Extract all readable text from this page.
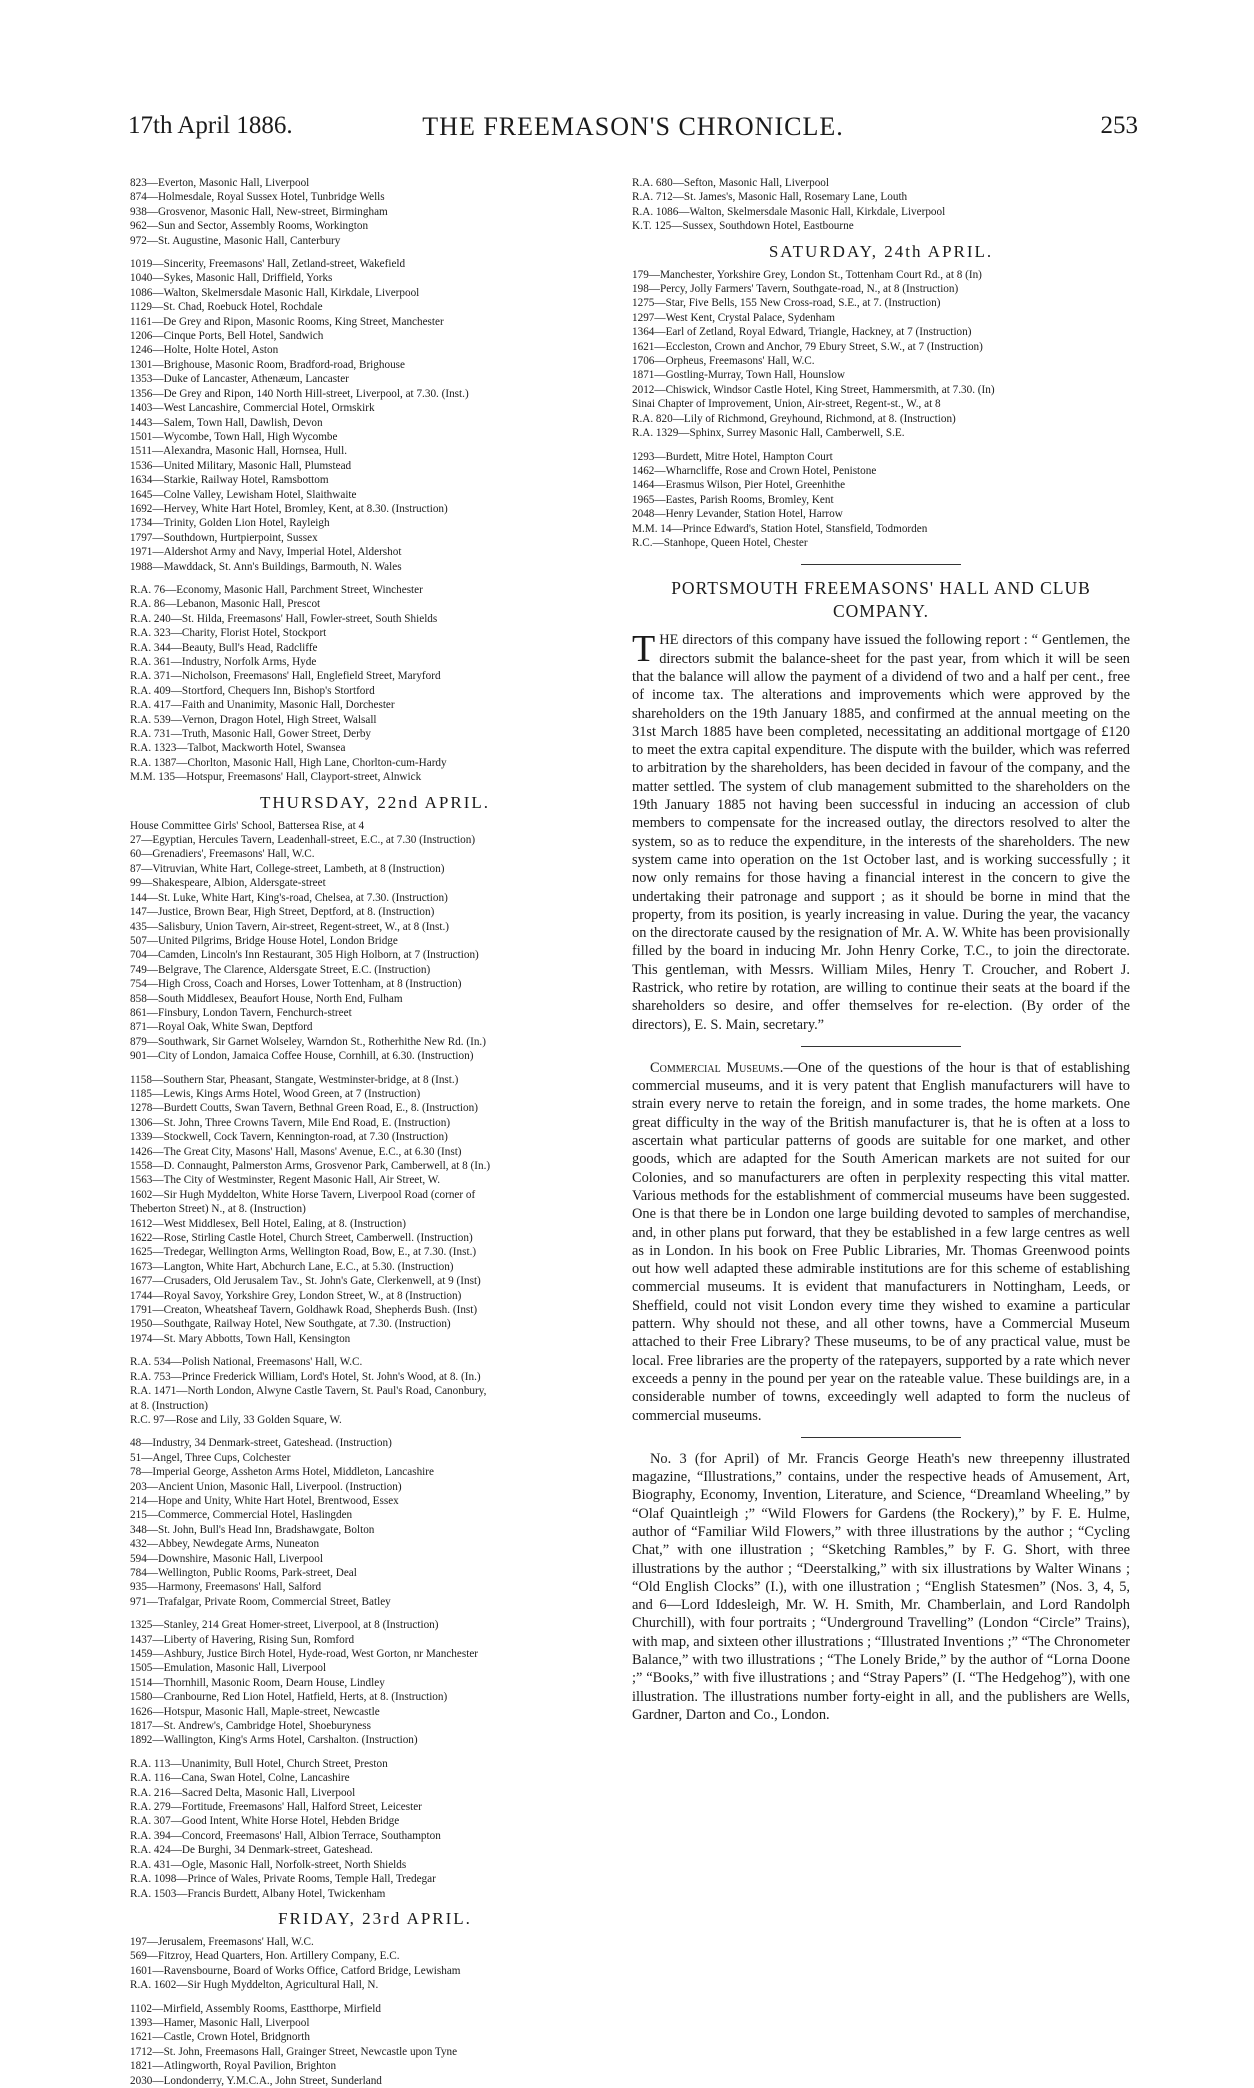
17th April 1886.	THE FREEMASON'S CHRONICLE.	253
823—Everton, Masonic Hall, Liverpool
874—Holmesdale, Royal Sussex Hotel, Tunbridge Wells
938—Grosvenor, Masonic Hall, New-street, Birmingham
962—Sun and Sector, Assembly Rooms, Workington
972—St. Augustine, Masonic Hall, Canterbury
1019—Sincerity, Freemasons' Hall, Zetland-street, Wakefield
1040—Sykes, Masonic Hall, Driffield, Yorks
1086—Walton, Skelmersdale Masonic Hall, Kirkdale, Liverpool
1129—St. Chad, Roebuck Hotel, Rochdale
1161—De Grey and Ripon, Masonic Rooms, King Street, Manchester
1206—Cinque Ports, Bell Hotel, Sandwich
1246—Holte, Holte Hotel, Aston
1301—Brighouse, Masonic Room, Bradford-road, Brighouse
1353—Duke of Lancaster, Athenæum, Lancaster
1356—De Grey and Ripon, 140 North Hill-street, Liverpool, at 7.30. (Inst.)
1403—West Lancashire, Commercial Hotel, Ormskirk
1443—Salem, Town Hall, Dawlish, Devon
1501—Wycombe, Town Hall, High Wycombe
1511—Alexandra, Masonic Hall, Hornsea, Hull.
1536—United Military, Masonic Hall, Plumstead
1634—Starkie, Railway Hotel, Ramsbottom
1645—Colne Valley, Lewisham Hotel, Slaithwaite
1692—Hervey, White Hart Hotel, Bromley, Kent, at 8.30. (Instruction)
1734—Trinity, Golden Lion Hotel, Rayleigh
1797—Southdown, Hurtpierpoint, Sussex
1971—Aldershot Army and Navy, Imperial Hotel, Aldershot
1988—Mawddack, St. Ann's Buildings, Barmouth, N. Wales
R.A. 76—Economy, Masonic Hall, Parchment Street, Winchester
R.A. 86—Lebanon, Masonic Hall, Prescot
R.A. 240—St. Hilda, Freemasons' Hall, Fowler-street, South Shields
R.A. 323—Charity, Florist Hotel, Stockport
R.A. 344—Beauty, Bull's Head, Radcliffe
R.A. 361—Industry, Norfolk Arms, Hyde
R.A. 371—Nicholson, Freemasons' Hall, Englefield Street, Maryford
R.A. 409—Stortford, Chequers Inn, Bishop's Stortford
R.A. 417—Faith and Unanimity, Masonic Hall, Dorchester
R.A. 539—Vernon, Dragon Hotel, High Street, Walsall
R.A. 731—Truth, Masonic Hall, Gower Street, Derby
R.A. 1323—Talbot, Mackworth Hotel, Swansea
R.A. 1387—Chorlton, Masonic Hall, High Lane, Chorlton-cum-Hardy
M.M. 135—Hotspur, Freemasons' Hall, Clayport-street, Alnwick
THURSDAY, 22nd APRIL.
House Committee Girls' School, Battersea Rise, at 4
27—Egyptian, Hercules Tavern, Leadenhall-street, E.C., at 7.30 (Instruction)
60—Grenadiers', Freemasons' Hall, W.C.
87—Vitruvian, White Hart, College-street, Lambeth, at 8 (Instruction)
99—Shakespeare, Albion, Aldersgate-street
144—St. Luke, White Hart, King's-road, Chelsea, at 7.30. (Instruction)
147—Justice, Brown Bear, High Street, Deptford, at 8. (Instruction)
435—Salisbury, Union Tavern, Air-street, Regent-street, W., at 8 (Inst.)
507—United Pilgrims, Bridge House Hotel, London Bridge
704—Camden, Lincoln's Inn Restaurant, 305 High Holborn, at 7 (Instruction)
749—Belgrave, The Clarence, Aldersgate Street, E.C. (Instruction)
754—High Cross, Coach and Horses, Lower Tottenham, at 8 (Instruction)
858—South Middlesex, Beaufort House, North End, Fulham
861—Finsbury, London Tavern, Fenchurch-street
871—Royal Oak, White Swan, Deptford
879—Southwark, Sir Garnet Wolseley, Warndon St., Rotherhithe New Rd. (In.)
901—City of London, Jamaica Coffee House, Cornhill, at 6.30. (Instruction)
1158—Southern Star, Pheasant, Stangate, Westminster-bridge, at 8 (Inst.)
1185—Lewis, Kings Arms Hotel, Wood Green, at 7 (Instruction)
1278—Burdett Coutts, Swan Tavern, Bethnal Green Road, E., 8. (Instruction)
1306—St. John, Three Crowns Tavern, Mile End Road, E. (Instruction)
1339—Stockwell, Cock Tavern, Kennington-road, at 7.30 (Instruction)
1426—The Great City, Masons' Hall, Masons' Avenue, E.C., at 6.30 (Inst)
1558—D. Connaught, Palmerston Arms, Grosvenor Park, Camberwell, at 8 (In.)
1563—The City of Westminster, Regent Masonic Hall, Air Street, W.
1602—Sir Hugh Myddelton, White Horse Tavern, Liverpool Road (corner of
Theberton Street) N., at 8. (Instruction)
1612—West Middlesex, Bell Hotel, Ealing, at 8. (Instruction)
1622—Rose, Stirling Castle Hotel, Church Street, Camberwell. (Instruction)
1625—Tredegar, Wellington Arms, Wellington Road, Bow, E., at 7.30. (Inst.)
1673—Langton, White Hart, Abchurch Lane, E.C., at 5.30. (Instruction)
1677—Crusaders, Old Jerusalem Tav., St. John's Gate, Clerkenwell, at 9 (Inst)
1744—Royal Savoy, Yorkshire Grey, London Street, W., at 8 (Instruction)
1791—Creaton, Wheatsheaf Tavern, Goldhawk Road, Shepherds Bush. (Inst)
1950—Southgate, Railway Hotel, New Southgate, at 7.30. (Instruction)
1974—St. Mary Abbotts, Town Hall, Kensington
R.A. 534—Polish National, Freemasons' Hall, W.C.
R.A. 753—Prince Frederick William, Lord's Hotel, St. John's Wood, at 8. (In.)
R.A. 1471—North London, Alwyne Castle Tavern, St. Paul's Road, Canonbury,
at 8. (Instruction)
R.C. 97—Rose and Lily, 33 Golden Square, W.
48—Industry, 34 Denmark-street, Gateshead. (Instruction)
51—Angel, Three Cups, Colchester
78—Imperial George, Assheton Arms Hotel, Middleton, Lancashire
203—Ancient Union, Masonic Hall, Liverpool. (Instruction)
214—Hope and Unity, White Hart Hotel, Brentwood, Essex
215—Commerce, Commercial Hotel, Haslingden
348—St. John, Bull's Head Inn, Bradshawgate, Bolton
432—Abbey, Newdegate Arms, Nuneaton
594—Downshire, Masonic Hall, Liverpool
784—Wellington, Public Rooms, Park-street, Deal
935—Harmony, Freemasons' Hall, Salford
971—Trafalgar, Private Room, Commercial Street, Batley
1325—Stanley, 214 Great Homer-street, Liverpool, at 8 (Instruction)
1437—Liberty of Havering, Rising Sun, Romford
1459—Ashbury, Justice Birch Hotel, Hyde-road, West Gorton, nr Manchester
1505—Emulation, Masonic Hall, Liverpool
1514—Thornhill, Masonic Room, Dearn House, Lindley
1580—Cranbourne, Red Lion Hotel, Hatfield, Herts, at 8. (Instruction)
1626—Hotspur, Masonic Hall, Maple-street, Newcastle
1817—St. Andrew's, Cambridge Hotel, Shoeburyness
1892—Wallington, King's Arms Hotel, Carshalton. (Instruction)
R.A. 113—Unanimity, Bull Hotel, Church Street, Preston
R.A. 116—Cana, Swan Hotel, Colne, Lancashire
R.A. 216—Sacred Delta, Masonic Hall, Liverpool
R.A. 279—Fortitude, Freemasons' Hall, Halford Street, Leicester
R.A. 307—Good Intent, White Horse Hotel, Hebden Bridge
R.A. 394—Concord, Freemasons' Hall, Albion Terrace, Southampton
R.A. 424—De Burghi, 34 Denmark-street, Gateshead.
R.A. 431—Ogle, Masonic Hall, Norfolk-street, North Shields
R.A. 1098—Prince of Wales, Private Rooms, Temple Hall, Tredegar
R.A. 1503—Francis Burdett, Albany Hotel, Twickenham
FRIDAY, 23rd APRIL.
197—Jerusalem, Freemasons' Hall, W.C.
569—Fitzroy, Head Quarters, Hon. Artillery Company, E.C.
1601—Ravensbourne, Board of Works Office, Catford Bridge, Lewisham
R.A. 1602—Sir Hugh Myddelton, Agricultural Hall, N.
1102—Mirfield, Assembly Rooms, Eastthorpe, Mirfield
1393—Hamer, Masonic Hall, Liverpool
1621—Castle, Crown Hotel, Bridgnorth
1712—St. John, Freemasons Hall, Grainger Street, Newcastle upon Tyne
1821—Atlingworth, Royal Pavilion, Brighton
2030—Londonderry, Y.M.C.A., John Street, Sunderland
R.A. 680—Sefton, Masonic Hall, Liverpool
R.A. 712—St. James's, Masonic Hall, Rosemary Lane, Louth
R.A. 1086—Walton, Skelmersdale Masonic Hall, Kirkdale, Liverpool
K.T. 125—Sussex, Southdown Hotel, Eastbourne
SATURDAY, 24th APRIL.
179—Manchester, Yorkshire Grey, London St., Tottenham Court Rd., at 8 (In)
198—Percy, Jolly Farmers' Tavern, Southgate-road, N., at 8 (Instruction)
1275—Star, Five Bells, 155 New Cross-road, S.E., at 7. (Instruction)
1297—West Kent, Crystal Palace, Sydenham
1364—Earl of Zetland, Royal Edward, Triangle, Hackney, at 7 (Instruction)
1621—Eccleston, Crown and Anchor, 79 Ebury Street, S.W., at 7 (Instruction)
1706—Orpheus, Freemasons' Hall, W.C.
1871—Gostling-Murray, Town Hall, Hounslow
2012—Chiswick, Windsor Castle Hotel, King Street, Hammersmith, at 7.30. (In)
Sinai Chapter of Improvement, Union, Air-street, Regent-st., W., at 8
R.A. 820—Lily of Richmond, Greyhound, Richmond, at 8. (Instruction)
R.A. 1329—Sphinx, Surrey Masonic Hall, Camberwell, S.E.
1293—Burdett, Mitre Hotel, Hampton Court
1462—Wharncliffe, Rose and Crown Hotel, Penistone
1464—Erasmus Wilson, Pier Hotel, Greenhithe
1965—Eastes, Parish Rooms, Bromley, Kent
2048—Henry Levander, Station Hotel, Harrow
M.M. 14—Prince Edward's, Station Hotel, Stansfield, Todmorden
R.C.—Stanhope, Queen Hotel, Chester
PORTSMOUTH FREEMASONS' HALL AND CLUB COMPANY.

THE directors of this company have issued the following report : “ Gentlemen, the directors submit the balance-sheet for the past year, from which it will be seen that the balance will allow the payment of a dividend of two and a half per cent., free of income tax. The alterations and improvements which were approved by the shareholders on the 19th January 1885, and confirmed at the annual meeting on the 31st March 1885 have been completed, necessitating an additional mortgage of £120 to meet the extra capital expenditure. The dispute with the builder, which was referred to arbitration by the shareholders, has been decided in favour of the company, and the matter settled. The system of club management submitted to the shareholders on the 19th January 1885 not having been successful in inducing an accession of club members to compensate for the increased outlay, the directors resolved to alter the system, so as to reduce the expenditure, in the interests of the shareholders. The new system came into operation on the 1st October last, and is working successfully ; it now only remains for those having a financial interest in the concern to give the undertaking their patronage and support ; as it should be borne in mind that the property, from its position, is yearly increasing in value. During the year, the vacancy on the directorate caused by the resignation of Mr. A. W. White has been provisionally filled by the board in inducing Mr. John Henry Corke, T.C., to join the directorate. This gentleman, with Messrs. William Miles, Henry T. Croucher, and Robert J. Rastrick, who retire by rotation, are willing to continue their seats at the board if the shareholders so desire, and offer themselves for re-election. (By order of the directors), E. S. Main, secretary.”

Commercial Museums.—One of the questions of the hour is that of establishing commercial museums, and it is very patent that English manufacturers will have to strain every nerve to retain the foreign, and in some trades, the home markets. One great difficulty in the way of the British manufacturer is, that he is often at a loss to ascertain what particular patterns of goods are suitable for one market, and other goods, which are adapted for the South American markets are not suited for our Colonies, and so manufacturers are often in perplexity respecting this vital matter. Various methods for the establishment of commercial museums have been suggested. One is that there be in London one large building devoted to samples of merchandise, and, in other plans put forward, that they be established in a few large centres as well as in London. In his book on Free Public Libraries, Mr. Thomas Greenwood points out how well adapted these admirable institutions are for this scheme of establishing commercial museums. It is evident that manufacturers in Nottingham, Leeds, or Sheffield, could not visit London every time they wished to examine a particular pattern. Why should not these, and all other towns, have a Commercial Museum attached to their Free Library? These museums, to be of any practical value, must be local. Free libraries are the property of the ratepayers, supported by a rate which never exceeds a penny in the pound per year on the rateable value. These buildings are, in a considerable number of towns, exceedingly well adapted to form the nucleus of commercial museums.

No. 3 (for April) of Mr. Francis George Heath's new threepenny illustrated magazine, “Illustrations,” contains, under the respective heads of Amusement, Art, Biography, Economy, Invention, Literature, and Science, “Dreamland Wheeling,” by “Olaf Quaintleigh ;” “Wild Flowers for Gardens (the Rockery),” by F. E. Hulme, author of “Familiar Wild Flowers,” with three illustrations by the author ; “Cycling Chat,” with one illustration ; “Sketching Rambles,” by F. G. Short, with three illustrations by the author ; “Deerstalking,” with six illustrations by Walter Winans ; “Old English Clocks” (I.), with one illustration ; “English Statesmen” (Nos. 3, 4, 5, and 6—Lord Iddesleigh, Mr. W. H. Smith, Mr. Chamberlain, and Lord Randolph Churchill), with four portraits ; “Underground Travelling” (London “Circle” Trains), with map, and sixteen other illustrations ; “Illustrated Inventions ;” “The Chronometer Balance,” with two illustrations ; “The Lonely Bride,” by the author of “Lorna Doone ;” “Books,” with five illustrations ; and “Stray Papers” (I. “The Hedgehog”), with one illustration. The illustrations number forty-eight in all, and the publishers are Wells, Gardner, Darton and Co., London.
